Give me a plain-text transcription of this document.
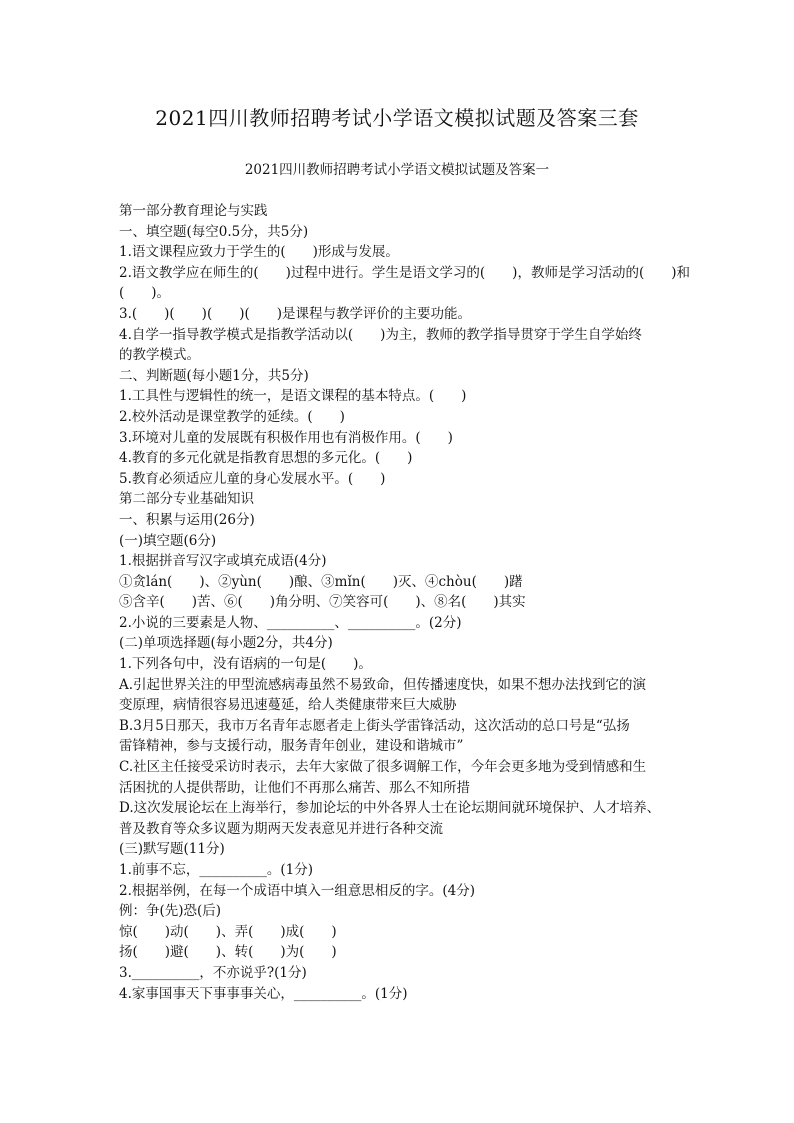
2021四川教师招聘考试小学语文模拟试题及答案三套
2021四川教师招聘考试小学语文模拟试题及答案一
第一部分教育理论与实践
一、填空题(每空0.5分，共5分)
1.语文课程应致力于学生的(　　)形成与发展。
2.语文教学应在师生的(　　)过程中进行。学生是语文学习的(　　)，教师是学习活动的(　　)和
(　　)。
3.(　　)(　　)(　　)(　　)是课程与教学评价的主要功能。
4.自学一指导教学模式是指教学活动以(　　)为主，教师的教学指导贯穿于学生自学始终
的教学模式。
二、判断题(每小题1分，共5分)
1.工具性与逻辑性的统一，是语文课程的基本特点。(　　)
2.校外活动是课堂教学的延续。(　　)
3.环境对儿童的发展既有积极作用也有消极作用。(　　)
4.教育的多元化就是指教育思想的多元化。(　　)
5.教育必须适应儿童的身心发展水平。(　　)
第二部分专业基础知识
一、积累与运用(26分)
(一)填空题(6分)
1.根据拼音写汉字或填充成语(4分)
①贪lán(　　)、②yùn(　　)酿、③mǐn(　　)灭、④chòu(　　)躇
⑤含辛(　　)苦、⑥(　　)角分明、⑦笑容可(　　)、⑧名(　　)其实
2.小说的三要素是人物、__________、__________。(2分)
(二)单项选择题(每小题2分，共4分)
1.下列各句中，没有语病的一句是(　　)。
A.引起世界关注的甲型流感病毒虽然不易致命，但传播速度快，如果不想办法找到它的演
变原理，病情很容易迅速蔓延，给人类健康带来巨大威胁
B.3月5日那天，我市万名青年志愿者走上街头学雷锋活动，这次活动的总口号是“弘扬
雷锋精神，参与支援行动，服务青年创业，建设和谐城市”
C.社区主任接受采访时表示，去年大家做了很多调解工作，今年会更多地为受到情感和生
活困扰的人提供帮助，让他们不再那么痛苦、那么不知所措
D.这次发展论坛在上海举行，参加论坛的中外各界人士在论坛期间就环境保护、人才培养、
普及教育等众多议题为期两天发表意见并进行各种交流
(三)默写题(11分)
1.前事不忘，__________。(1分)
2.根据举例，在每一个成语中填入一组意思相反的字。(4分)
例：争(先)恐(后)
惊(　　)动(　　)、弄(　　)成(　　)
扬(　　)避(　　)、转(　　)为(　　)
3.__________，不亦说乎?(1分)
4.家事国事天下事事事关心，__________。(1分)
